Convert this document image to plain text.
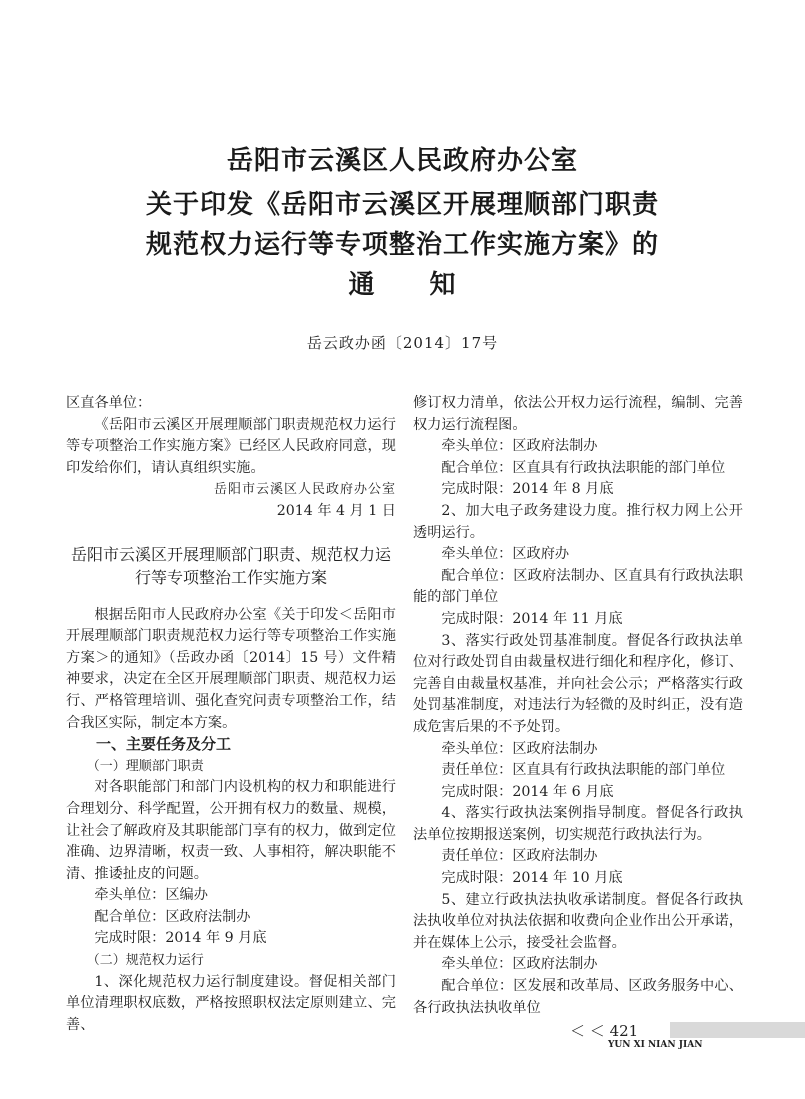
岳阳市云溪区人民政府办公室
关于印发《岳阳市云溪区开展理顺部门职责
规范权力运行等专项整治工作实施方案》的
通　　知
岳云政办函〔2014〕17号

区直各单位：

《岳阳市云溪区开展理顺部门职责规范权力运行等专项整治工作实施方案》已经区人民政府同意，现印发给你们，请认真组织实施。

岳阳市云溪区人民政府办公室

2014 年 4 月 1 日

岳阳市云溪区开展理顺部门职责、规范权力运行等专项整治工作实施方案

根据岳阳市人民政府办公室《关于印发＜岳阳市开展理顺部门职责规范权力运行等专项整治工作实施方案＞的通知》（岳政办函〔2014〕15 号）文件精神要求，决定在全区开展理顺部门职责、规范权力运行、严格管理培训、强化查究问责专项整治工作，结合我区实际，制定本方案。

一、主要任务及分工

（一）理顺部门职责

对各职能部门和部门内设机构的权力和职能进行合理划分、科学配置，公开拥有权力的数量、规模，让社会了解政府及其职能部门享有的权力，做到定位准确、边界清晰，权责一致、人事相符，解决职能不清、推诿扯皮的问题。

牵头单位：区编办

配合单位：区政府法制办

完成时限：2014 年 9 月底

（二）规范权力运行

1、深化规范权力运行制度建设。督促相关部门单位清理职权底数，严格按照职权法定原则建立、完善、

修订权力清单，依法公开权力运行流程，编制、完善权力运行流程图。

牵头单位：区政府法制办

配合单位：区直具有行政执法职能的部门单位

完成时限：2014 年 8 月底

2、加大电子政务建设力度。推行权力网上公开透明运行。

牵头单位：区政府办

配合单位：区政府法制办、区直具有行政执法职能的部门单位

完成时限：2014 年 11 月底

3、落实行政处罚基准制度。督促各行政执法单位对行政处罚自由裁量权进行细化和程序化，修订、完善自由裁量权基准，并向社会公示；严格落实行政处罚基准制度，对违法行为轻微的及时纠正，没有造成危害后果的不予处罚。

牵头单位：区政府法制办

责任单位：区直具有行政执法职能的部门单位

完成时限：2014 年 6 月底

4、落实行政执法案例指导制度。督促各行政执法单位按期报送案例，切实规范行政执法行为。

责任单位：区政府法制办

完成时限：2014 年 10 月底

5、建立行政执法执收承诺制度。督促各行政执法执收单位对执法依据和收费向企业作出公开承诺，并在媒体上公示，接受社会监督。

牵头单位：区政府法制办

配合单位：区发展和改革局、区政务服务中心、各行政执法执收单位

＜ ＜ 421
YUN XI NIAN JIAN
